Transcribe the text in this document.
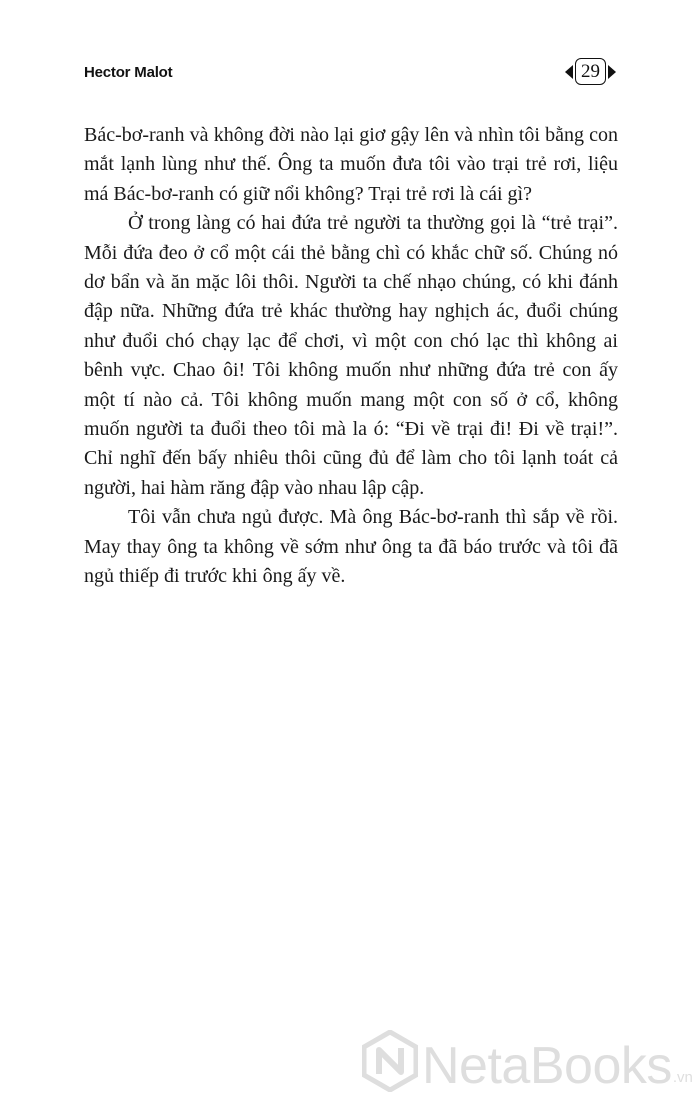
Hector Malot	29

Bác-bơ-ranh và không đời nào lại giơ gậy lên và nhìn tôi bằng con mắt lạnh lùng như thế. Ông ta muốn đưa tôi vào trại trẻ rơi, liệu má Bác-bơ-ranh có giữ nổi không? Trại trẻ rơi là cái gì?

Ở trong làng có hai đứa trẻ người ta thường gọi là “trẻ trại”. Mỗi đứa đeo ở cổ một cái thẻ bằng chì có khắc chữ số. Chúng nó dơ bẩn và ăn mặc lôi thôi. Người ta chế nhạo chúng, có khi đánh đập nữa. Những đứa trẻ khác thường hay nghịch ác, đuổi chúng như đuổi chó chạy lạc để chơi, vì một con chó lạc thì không ai bênh vực. Chao ôi! Tôi không muốn như những đứa trẻ con ấy một tí nào cả. Tôi không muốn mang một con số ở cổ, không muốn người ta đuổi theo tôi mà la ó: “Đi về trại đi! Đi về trại!”. Chỉ nghĩ đến bấy nhiêu thôi cũng đủ để làm cho tôi lạnh toát cả người, hai hàm răng đập vào nhau lập cập.

Tôi vẫn chưa ngủ được. Mà ông Bác-bơ-ranh thì sắp về rồi. May thay ông ta không về sớm như ông ta đã báo trước và tôi đã ngủ thiếp đi trước khi ông ấy về.

NetaBooks .vn
